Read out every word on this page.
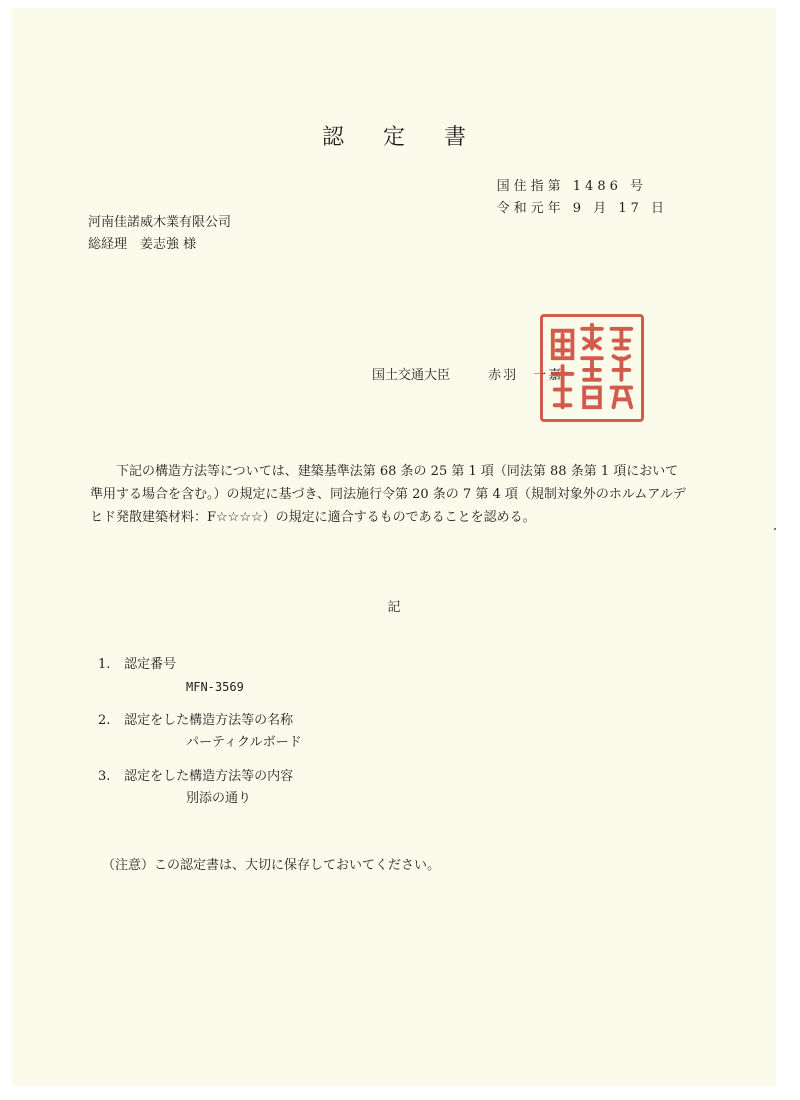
認 定 書
国住指第 1486 号
令和元年 9 月 17 日
河南佳諾威木業有限公司
総経理　姜志強 様
国土交通大臣	赤羽　一嘉
下記の構造方法等については、建築基準法第 68 条の 25 第 1 項（同法第 88 条第 1 項において準用する場合を含む。）の規定に基づき、同法施行令第 20 条の 7 第 4 項（規制対象外のホルムアルデヒド発散建築材料：F☆☆☆☆）の規定に適合するものであることを認める。
記
1. 認定番号
MFN-3569
2. 認定をした構造方法等の名称
パーティクルボード
3. 認定をした構造方法等の内容
別添の通り
（注意）この認定書は、大切に保存しておいてください。
